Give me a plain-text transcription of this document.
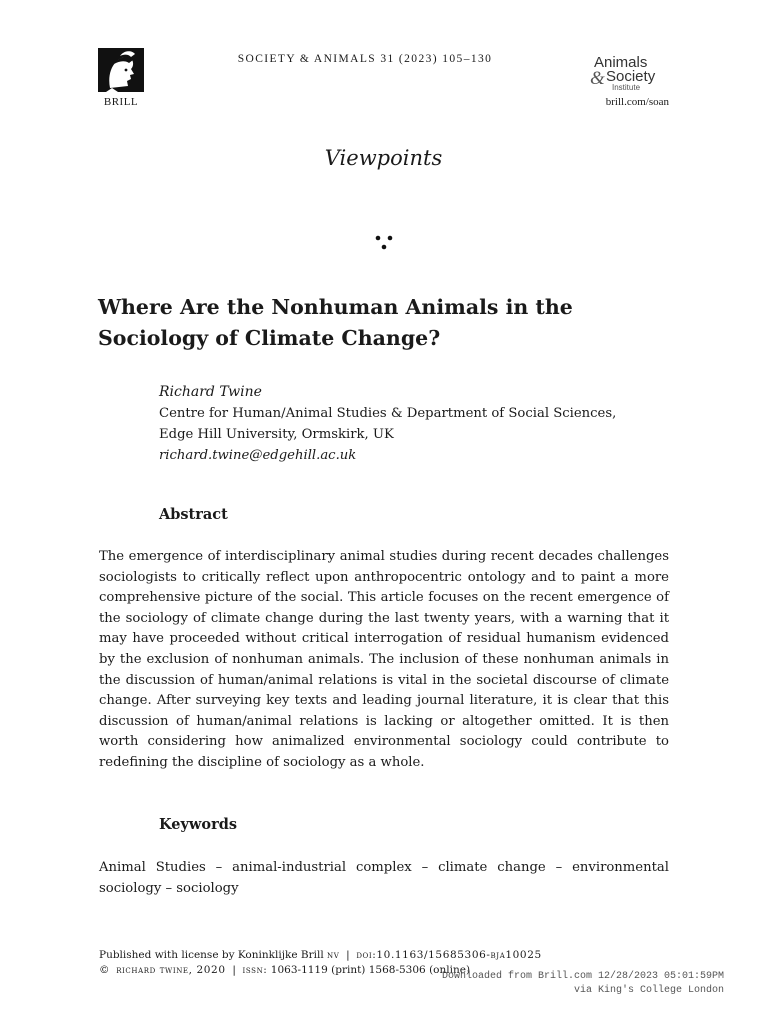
BRILL
SOCIETY & ANIMALS 31 (2023) 105–130	Animals
& Society
Institute
brill.com/soan
Viewpoints
Where Are the Nonhuman Animals in the Sociology of Climate Change?
Richard Twine
Centre for Human/Animal Studies & Department of Social Sciences,
Edge Hill University, Ormskirk, UK
richard.twine@edgehill.ac.uk
Abstract

The emergence of interdisciplinary animal studies during recent decades challenges sociologists to critically reflect upon anthropocentric ontology and to paint a more comprehensive picture of the social. This article focuses on the recent emergence of the sociology of climate change during the last twenty years, with a warning that it may have proceeded without critical interrogation of residual humanism evidenced by the exclusion of nonhuman animals. The inclusion of these nonhuman animals in the discussion of human/animal relations is vital in the societal discourse of climate change. After surveying key texts and leading journal literature, it is clear that this discussion of human/animal relations is lacking or altogether omitted. It is then worth considering how animalized environmental sociology could contribute to redefining the discipline of sociology as a whole.

Keywords

Animal Studies – animal-industrial complex – climate change – environmental sociology – sociology

Published with license by Koninklijke Brill nv | doi:10.1163/15685306-bja10025
© richard twine, 2020 | issn: 1063-1119 (print) 1568-5306 (online)
Downloaded from Brill.com 12/28/2023 05:01:59PM
via King's College London
